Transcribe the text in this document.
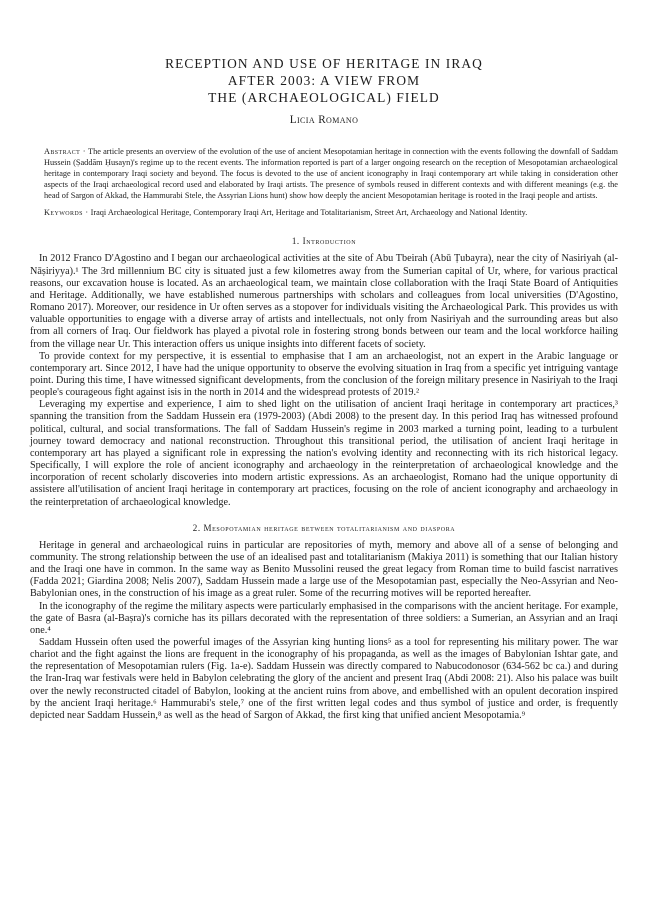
RECEPTION AND USE OF HERITAGE IN IRAQ
AFTER 2003: A VIEW FROM
THE (ARCHAEOLOGICAL) FIELD
Licia Romano

Abstract · The article presents an overview of the evolution of the use of ancient Mesopotamian heritage in connection with the events following the downfall of Saddam Hussein (Ṣaddām Ḥusayn)'s regime up to the recent events. The information reported is part of a larger ongoing research on the reception of Mesopotamian archaeological heritage in contemporary Iraqi society and beyond. The focus is devoted to the use of ancient iconography in Iraqi contemporary art while taking in consideration other aspects of the Iraqi archaeological record used and elaborated by Iraqi artists. The presence of symbols reused in different contexts and with different meanings (e.g. the head of Sargon of Akkad, the Hammurabi Stele, the Assyrian Lions hunt) show how deeply the ancient Mesopotamian heritage is rooted in the Iraqi people and artists.

Keywords · Iraqi Archaeological Heritage, Contemporary Iraqi Art, Heritage and Totalitarianism, Street Art, Archaeology and National Identity.

1. Introduction

In 2012 Franco D'Agostino and I began our archaeological activities at the site of Abu Tbeirah (Abū Ṭubayra), near the city of Nasiriyah (al-Nāṣiriyya).¹ The 3rd millennium BC city is situated just a few kilometres away from the Sumerian capital of Ur, where, for various practical reasons, our excavation house is located. As an archaeological team, we maintain close collaboration with the Iraqi State Board of Antiquities and Heritage. Additionally, we have established numerous partnerships with scholars and colleagues from local universities (D'Agostino, Romano 2017). Moreover, our residence in Ur often serves as a stopover for individuals visiting the Archaeological Park. This provides us with valuable opportunities to engage with a diverse array of artists and intellectuals, not only from Nasiriyah and the surrounding areas but also from all corners of Iraq. Our fieldwork has played a pivotal role in fostering strong bonds between our team and the local workforce hailing from the village near Ur. This interaction offers us unique insights into different facets of society.

To provide context for my perspective, it is essential to emphasise that I am an archaeologist, not an expert in the Arabic language or contemporary art. Since 2012, I have had the unique opportunity to observe the evolving situation in Iraq from a specific yet intriguing vantage point. During this time, I have witnessed significant developments, from the conclusion of the foreign military presence in Nasiriyah to the Iraqi people's courageous fight against isis in the north in 2014 and the widespread protests of 2019.²

Leveraging my expertise and experience, I aim to shed light on the utilisation of ancient Iraqi heritage in contemporary art practices,³ spanning the transition from the Saddam Hussein era (1979-2003) (Abdi 2008) to the present day. In this period Iraq has witnessed profound political, cultural, and social transformations. The fall of Saddam Hussein's regime in 2003 marked a turning point, leading to a turbulent journey toward democracy and national reconstruction. Throughout this transitional period, the utilisation of ancient Iraqi heritage in contemporary art has played a significant role in expressing the nation's evolving identity and reconnecting with its rich historical legacy. Specifically, I will explore the role of ancient iconography and archaeology in the reinterpretation of archaeological knowledge and the incorporation of recent scholarly discoveries into modern artistic expressions. As an archaeologist, Romano had the unique opportunity di assistere all'utilisation of ancient Iraqi heritage in contemporary art practices, focusing on the role of ancient iconography and archaeology in the reinterpretation of archaeological knowledge.

2. Mesopotamian heritage between totalitarianism and diaspora

Heritage in general and archaeological ruins in particular are repositories of myth, memory and above all of a sense of belonging and community. The strong relationship between the use of an idealised past and totalitarianism (Makiya 2011) is something that our Italian history and the Iraqi one have in common. In the same way as Benito Mussolini reused the great legacy from Roman time to build fascist narratives (Fadda 2021; Giardina 2008; Nelis 2007), Saddam Hussein made a large use of the Mesopotamian past, especially the Neo-Assyrian and Neo-Babylonian ones, in the construction of his image as a great ruler. Some of the recurring motives will be reported hereafter.

In the iconography of the regime the military aspects were particularly emphasised in the comparisons with the ancient heritage. For example, the gate of Basra (al-Baṣra)'s corniche has its pillars decorated with the representation of three soldiers: a Sumerian, an Assyrian and an Iraqi one.⁴

Saddam Hussein often used the powerful images of the Assyrian king hunting lions⁵ as a tool for representing his military power. The war chariot and the fight against the lions are frequent in the iconography of his propaganda, as well as the images of Babylonian Ishtar gate, and the representation of Mesopotamian rulers (Fig. 1a-e). Saddam Hussein was directly compared to Nabucodonosor (634-562 bc ca.) and during the Iran-Iraq war festivals were held in Babylon celebrating the glory of the ancient and present Iraq (Abdi 2008: 21). Also his palace was built over the newly reconstructed citadel of Babylon, looking at the ancient ruins from above, and embellished with an opulent decoration inspired by the ancient Iraqi heritage.⁶ Hammurabi's stele,⁷ one of the first written legal codes and thus symbol of justice and order, is frequently depicted near Saddam Hussein,⁸ as well as the head of Sargon of Akkad, the first king that unified ancient Mesopotamia.⁹
